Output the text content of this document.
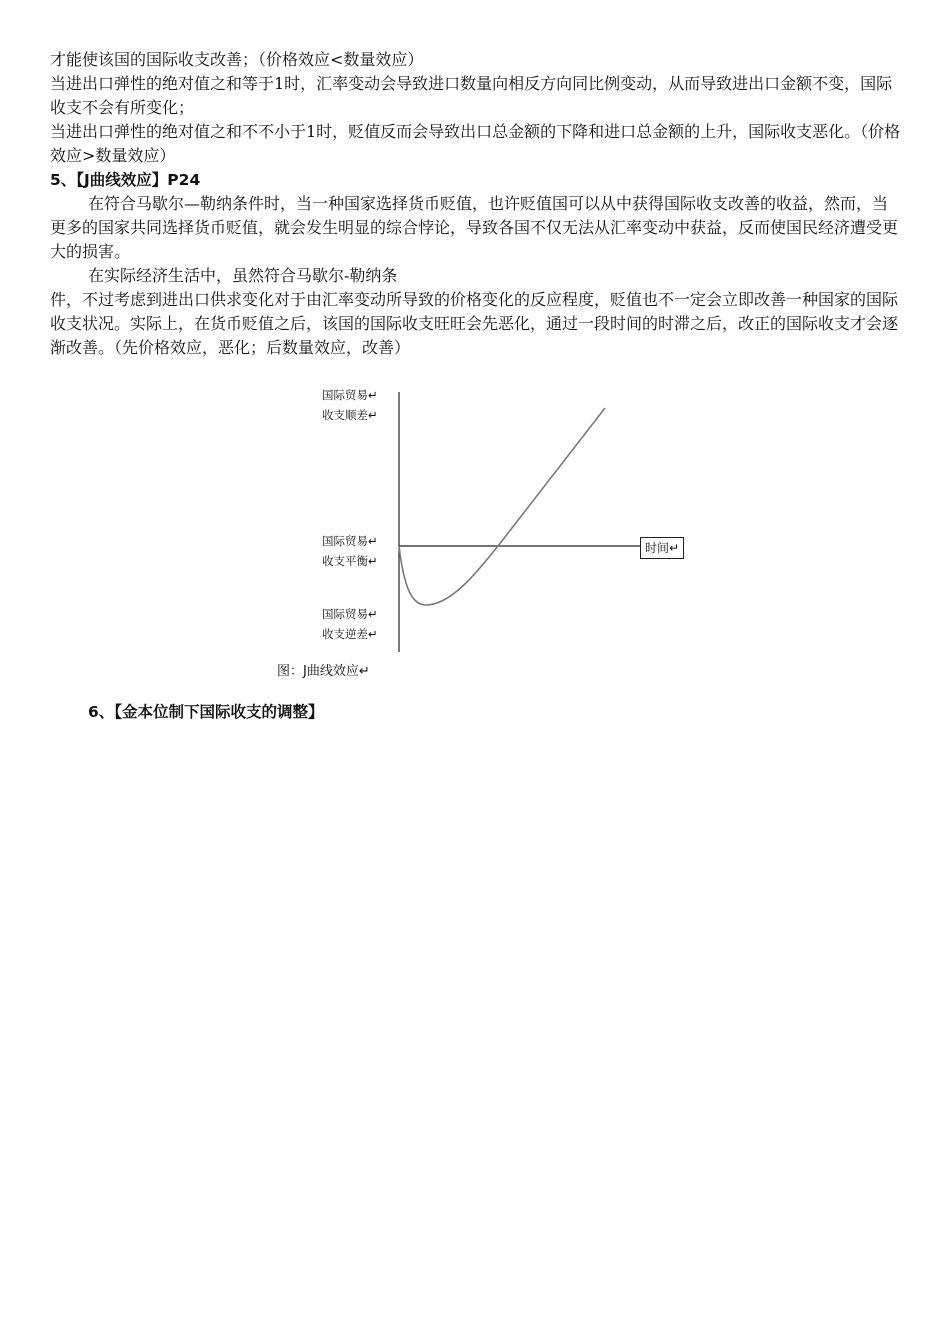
才能使该国的国际收支改善；（价格效应<数量效应）

当进出口弹性的绝对值之和等于1时，汇率变动会导致进口数量向相反方向同比例变动，从而导致进出口金额不变，国际收支不会有所变化；

当进出口弹性的绝对值之和不不小于1时，贬值反而会导致出口总金额的下降和进口总金额的上升，国际收支恶化。（价格效应>数量效应）

5、【J曲线效应】P24

在符合马歇尔—勒纳条件时，当一种国家选择货币贬值，也许贬值国可以从中获得国际收支改善的收益，然而，当更多的国家共同选择货币贬值，就会发生明显的综合悖论，导致各国不仅无法从汇率变动中获益，反而使国民经济遭受更大的损害。

在实际经济生活中，虽然符合马歇尔-勒纳条

件，不过考虑到进出口供求变化对于由汇率变动所导致的价格变化的反应程度，贬值也不一定会立即改善一种国家的国际收支状况。实际上，在货币贬值之后，该国的国际收支旺旺会先恶化，通过一段时间的时滞之后，改正的国际收支才会逐渐改善。（先价格效应，恶化；后数量效应，改善）

国际贸易↵
收支顺差↵
国际贸易↵
收支平衡↵
国际贸易↵
收支逆差↵
时间↵
图：J曲线效应↵

6、【金本位制下国际收支的调整】
